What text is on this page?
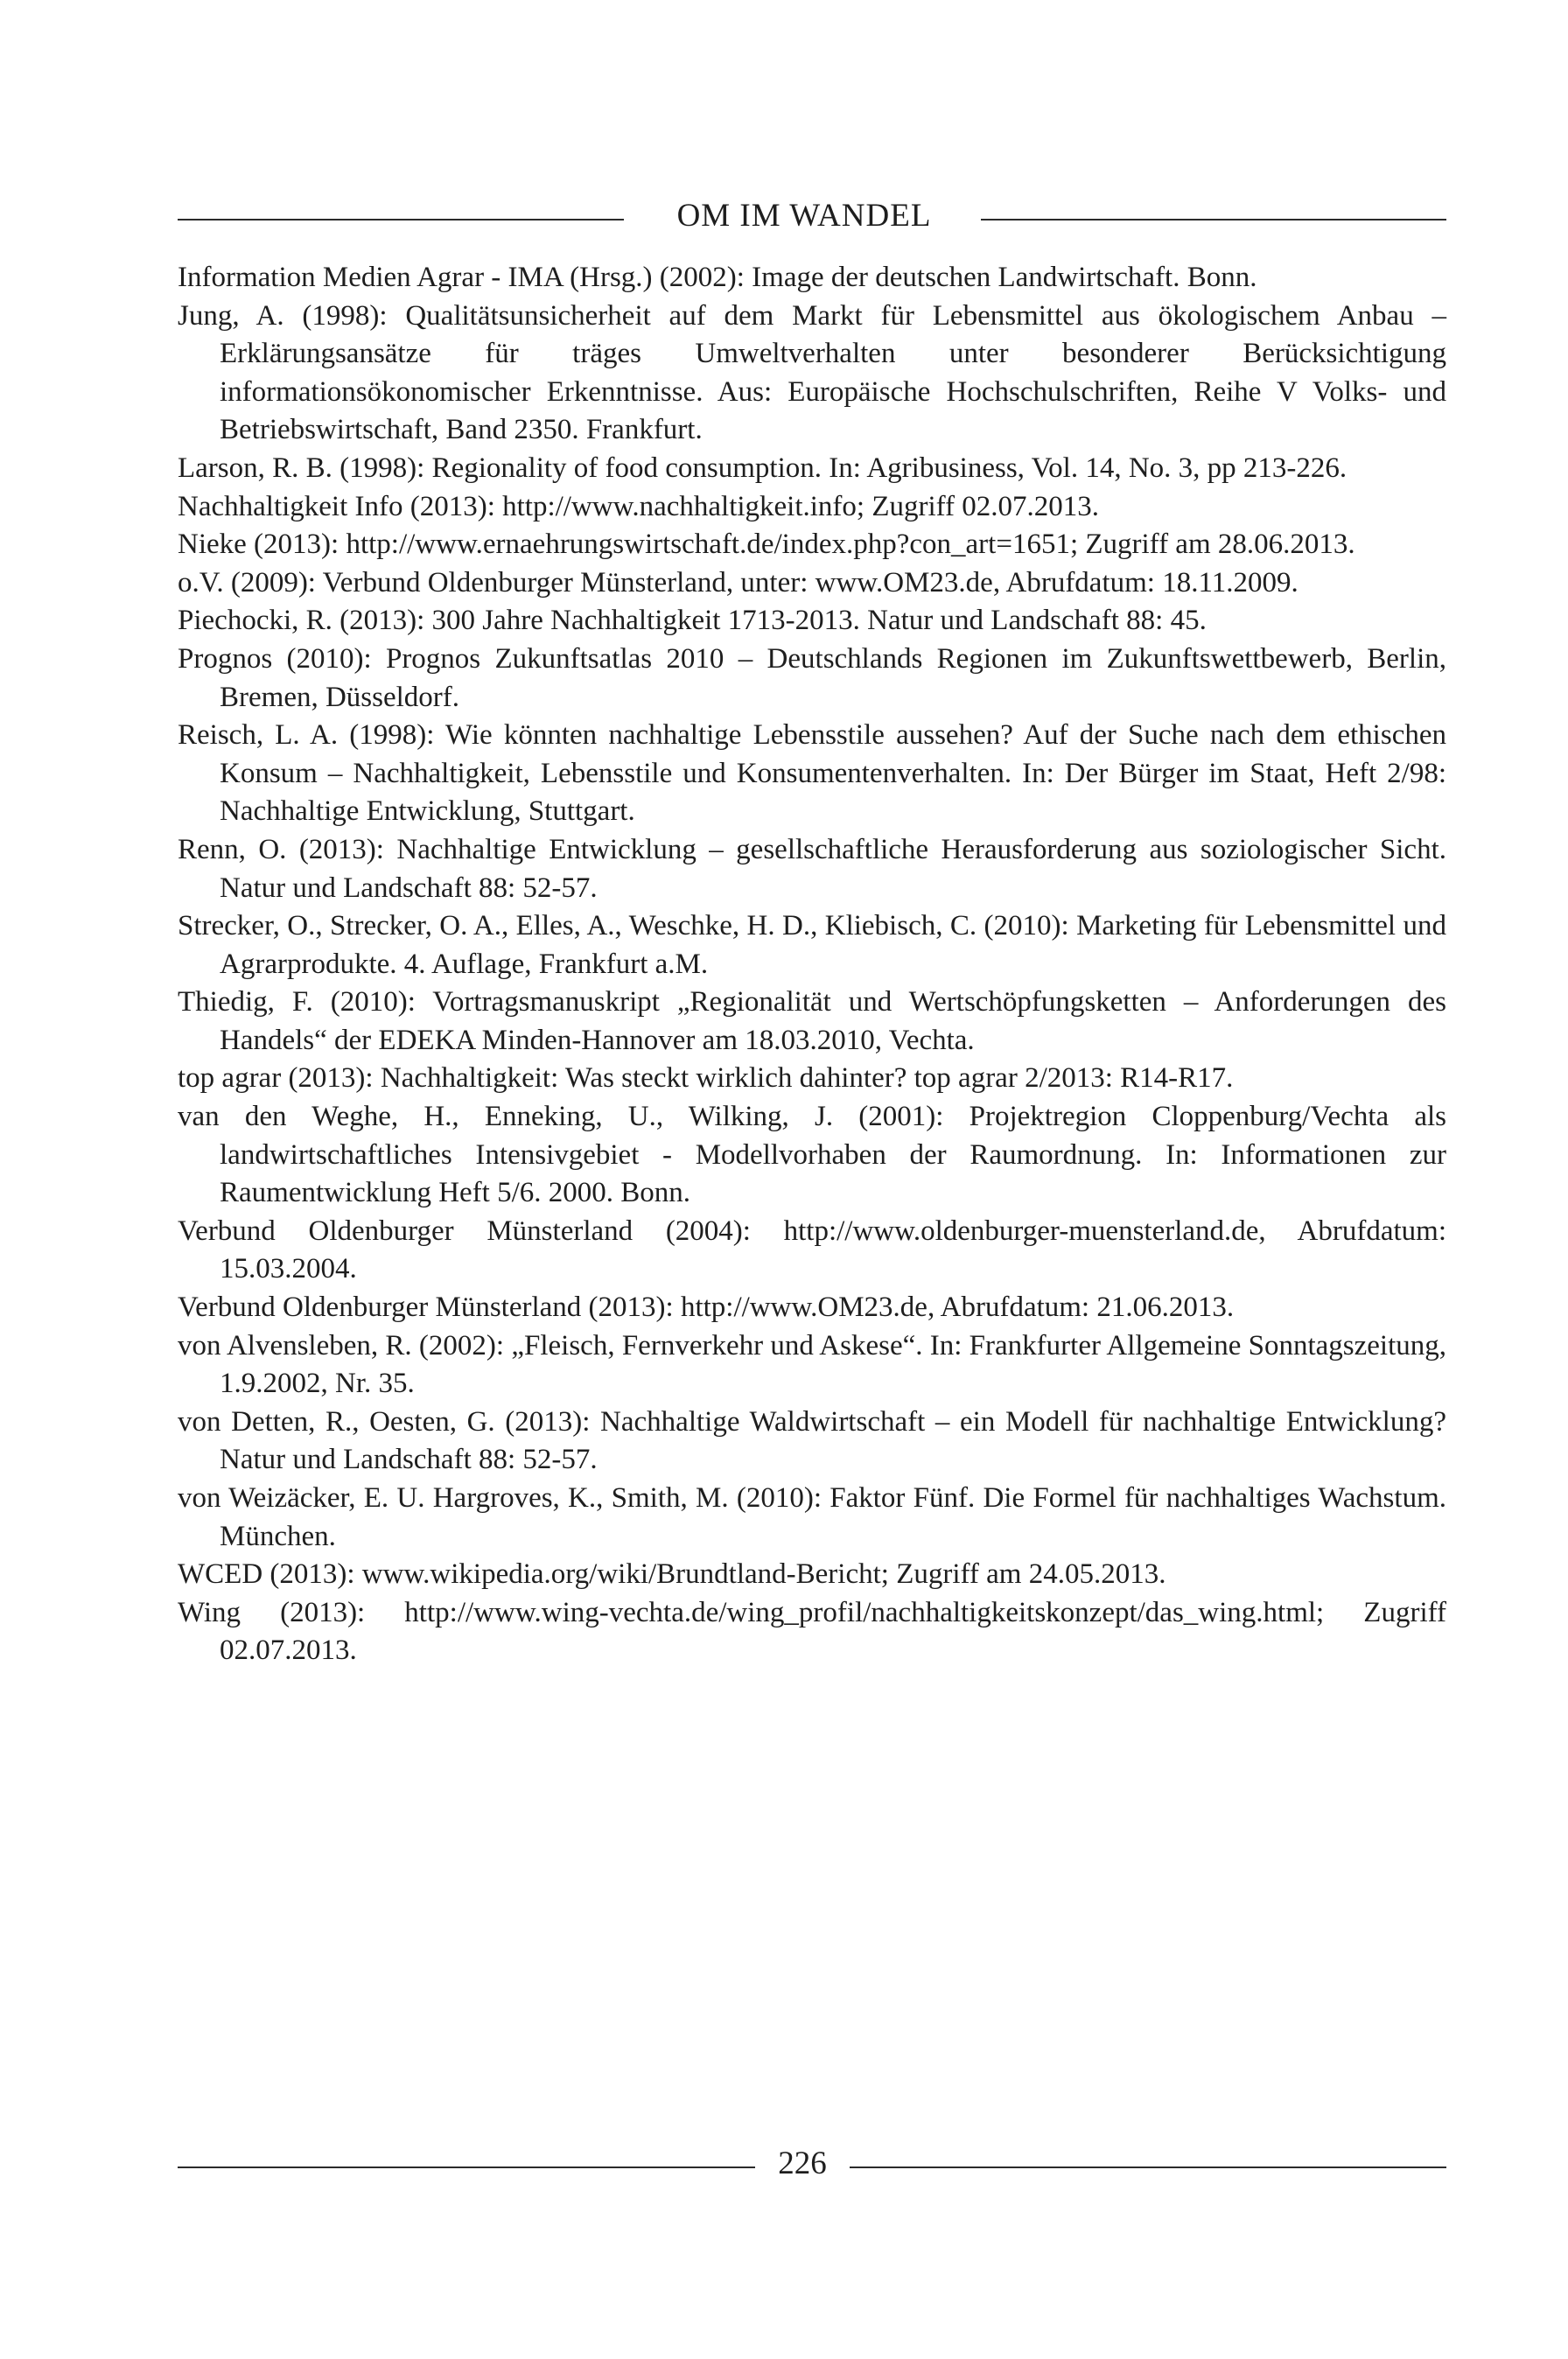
OM IM WANDEL

Information Medien Agrar - IMA (Hrsg.) (2002): Image der deutschen Landwirtschaft. Bonn.

Jung, A. (1998): Qualitätsunsicherheit auf dem Markt für Lebensmittel aus ökologischem Anbau – Erklärungsansätze für träges Umweltverhalten unter besonderer Berücksichtigung informationsökonomischer Erkenntnisse. Aus: Europäische Hochschulschriften, Reihe V Volks- und Betriebswirtschaft, Band 2350. Frankfurt.

Larson, R. B. (1998): Regionality of food consumption. In: Agribusiness, Vol. 14, No. 3, pp 213-226.

Nachhaltigkeit Info (2013): http://www.nachhaltigkeit.info; Zugriff 02.07.2013.

Nieke (2013): http://www.ernaehrungswirtschaft.de/index.php?con_art=1651; Zugriff am 28.06.2013.

o.V. (2009): Verbund Oldenburger Münsterland, unter: www.OM23.de, Abrufdatum: 18.11.2009.

Piechocki, R. (2013): 300 Jahre Nachhaltigkeit 1713-2013. Natur und Landschaft 88: 45.

Prognos (2010): Prognos Zukunftsatlas 2010 – Deutschlands Regionen im Zukunftswettbewerb, Berlin, Bremen, Düsseldorf.

Reisch, L. A. (1998): Wie könnten nachhaltige Lebensstile aussehen? Auf der Suche nach dem ethischen Konsum – Nachhaltigkeit, Lebensstile und Konsumentenverhalten. In: Der Bürger im Staat, Heft 2/98: Nachhaltige Entwicklung, Stuttgart.

Renn, O. (2013): Nachhaltige Entwicklung – gesellschaftliche Herausforderung aus soziologischer Sicht. Natur und Landschaft 88: 52-57.

Strecker, O., Strecker, O. A., Elles, A., Weschke, H. D., Kliebisch, C. (2010): Marketing für Lebensmittel und Agrarprodukte. 4. Auflage, Frankfurt a.M.

Thiedig, F. (2010): Vortragsmanuskript „Regionalität und Wertschöpfungsketten – Anforderungen des Handels“ der EDEKA Minden-Hannover am 18.03.2010, Vechta.

top agrar (2013): Nachhaltigkeit: Was steckt wirklich dahinter? top agrar 2/2013: R14-R17.

van den Weghe, H., Enneking, U., Wilking, J. (2001): Projektregion Cloppenburg/Vechta als landwirtschaftliches Intensivgebiet - Modellvorhaben der Raumordnung. In: Informationen zur Raumentwicklung Heft 5/6. 2000. Bonn.

Verbund Oldenburger Münsterland (2004): http://www.oldenburger-muensterland.de, Abrufdatum: 15.03.2004.

Verbund Oldenburger Münsterland (2013): http://www.OM23.de, Abrufdatum: 21.06.2013.

von Alvensleben, R. (2002): „Fleisch, Fernverkehr und Askese“. In: Frankfurter Allgemeine Sonntagszeitung, 1.9.2002, Nr. 35.

von Detten, R., Oesten, G. (2013): Nachhaltige Waldwirtschaft – ein Modell für nachhaltige Entwicklung? Natur und Landschaft 88: 52-57.

von Weizäcker, E. U. Hargroves, K., Smith, M. (2010): Faktor Fünf. Die Formel für nachhaltiges Wachstum. München.

WCED (2013): www.wikipedia.org/wiki/Brundtland-Bericht; Zugriff am 24.05.2013.

Wing (2013): http://www.wing-vechta.de/wing_profil/nachhaltigkeitskonzept/das_wing.html; Zugriff 02.07.2013.

226
